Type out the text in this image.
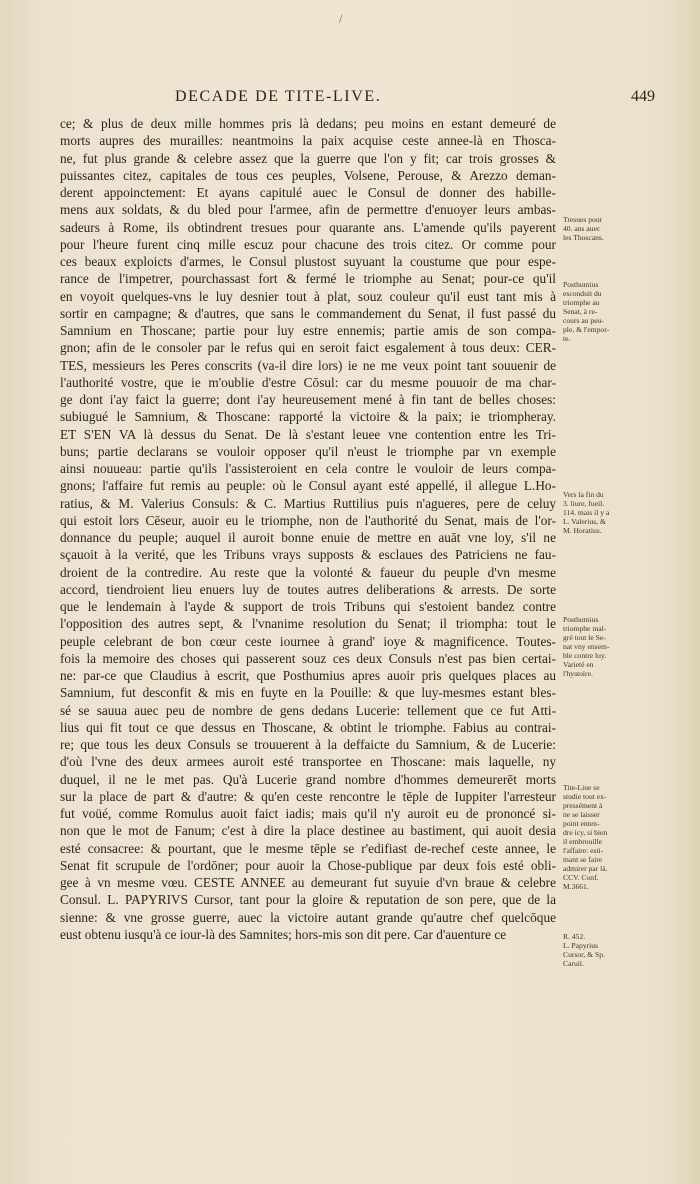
/
DECADE DE TITE-LIVE.	449
ce; & plus de deux mille hommes pris là dedans; peu moins en estant demeuré de
morts aupres des murailles: neantmoins la paix acquise ceste annee-là en Thoscа-
ne, fut plus grande & celebre assez que la guerre que l'on y fit; car trois grosses &
puissantes citez, capitales de tous ces peuples, Volsene, Perouse, & Arezzo deman-
derent appoinctement: Et ayans capitulé auec le Consul de donner des habille-
mens aux soldats, & du bled pour l'armee, afin de permettre d'enuoyer leurs ambas-
sadeurs à Rome, ils obtindrent tresues pour quarante ans. L'amende qu'ils payerent
pour l'heure furent cinq mille escuz pour chacune des trois citez. Or comme pour
ces beaux exploicts d'armes, le Consul plustost suyuant la coustume que pour espe-
rance de l'impetrer, pourchassast fort & fermé le triomphe au Senat; pour-ce qu'il
en voyoit quelques-vns le luy desnier tout à plat, souz couleur qu'il eust tant mis à
sortir en campagne; & d'autres, que sans le commandement du Senat, il fust passé du
Samnium en Thoscane; partie pour luy estre ennemis; partie amis de son compa-
gnon; afin de le consoler par le refus qui en seroit faict esgalement à tous deux: CER-
TES, messieurs les Peres conscrits (va-il dire lors) ie ne me veux point tant souuenir de
l'authorité vostre, que ie m'oublie d'estre Cōsul: car du mesme pouuoir de ma char-
ge dont i'ay faict la guerre; dont i'ay heureusement mené à fin tant de belles choses:
subiugué le Samnium, & Thoscane: rapporté la victoire & la paix; ie triompheray.
ET S'EN VA là dessus du Senat. De là s'estant leuee vne contention entre les Tri-
buns; partie declarans se vouloir opposer qu'il n'eust le triomphe par vn exemple
ainsi nouueau: partie qu'ils l'assisteroient en cela contre le vouloir de leurs compa-
gnons; l'affaire fut remis au peuple: où le Consul ayant esté appellé, il allegue L.Ho-
ratius, & M. Valerius Consuls: & C. Martius Ruttilius puis n'agueres, pere de celuy
qui estoit lors Cēseur, auoir eu le triomphe, non de l'authorité du Senat, mais de l'or-
donnance du peuple; auquel il auroit bonne enuie de mettre en auāt vne loy, s'il ne
sçauoit à la verité, que les Tribuns vrays supposts & esclaues des Patriciens ne fau-
droient de la contredire. Au reste que la volonté & faueur du peuple d'vn mesme
accord, tiendroient lieu enuers luy de toutes autres deliberations & arrests. De sorte
que le lendemain à l'ayde & support de trois Tribuns qui s'estoient bandez contre
l'opposition des autres sept, & l'vnanime resolution du Senat; il triompha: tout le
peuple celebrant de bon cœur ceste iournee à grand' ioye & magnificence. Toutes-
fois la memoire des choses qui passerent souz ces deux Consuls n'est pas bien certai-
ne: par-ce que Claudius à escrit, que Posthumius apres auoir pris quelques places au
Samnium, fut desconfit & mis en fuyte en la Pouille: & que luy-mesmes estant bles-
sé se sauua auec peu de nombre de gens dedans Lucerie: tellement que ce fut Atti-
lius qui fit tout ce que dessus en Thoscane, & obtint le triomphe. Fabius au contrai-
re; que tous les deux Consuls se trouuerent à la deffaicte du Samnium, & de Lucerie:
d'où l'vne des deux armees auroit esté transportee en Thoscane: mais laquelle, ny
duquel, il ne le met pas. Qu'à Lucerie grand nombre d'hommes demeurerēt morts
sur la place de part & d'autre: & qu'en ceste rencontre le tēple de Iuppiter l'arresteur
fut voüé, comme Romulus auoit faict iadis; mais qu'il n'y auroit eu de prononcé si-
non que le mot de Fanum; c'est à dire la place destinee au bastiment, qui auoit desia
esté consacree: & pourtant, que le mesme tēple se r'edifiast de-rechef ceste annee, le
Senat fit scrupule de l'ordōner; pour auoir la Chose-publique par deux fois esté obli-
gee à vn mesme vœu. CESTE ANNEE au demeurant fut suyuie d'vn braue & celebre
Consul. L. PAPYRIVS Cursor, tant pour la gloire & reputation de son pere, que de la
sienne: & vne grosse guerre, auec la victoire autant grande qu'autre chef quelcōque
eust obtenu iusqu'à ce iour-là des Samnites; hors-mis son dit pere. Car d'auenture ce
Tresues pour
40. ans auec
les Thoscans.
Posthumius
esconduit du
triomphe au
Senat, à re-
cours au peu-
ple, & l'empor-
te.
Vers la fin du
3. liure, fueil.
114. mais il y a
L. Valerius, &
M. Horatius.
Posthumius
triomphe mal-
gré tout le Se-
nat vny ensem-
ble contre luy.
Varieté en
l'hystoire.
Tite-Liue se
studie tout ex-
pressément à
ne se laisser
point enten-
dre icy, si bien
il embrouille
l'affaire: esti-
mant se faire
admirer par là.
CCV. Conf.
M.3661.
R. 452.
L. Papyrius
Cursor, & Sp.
Caruil.
